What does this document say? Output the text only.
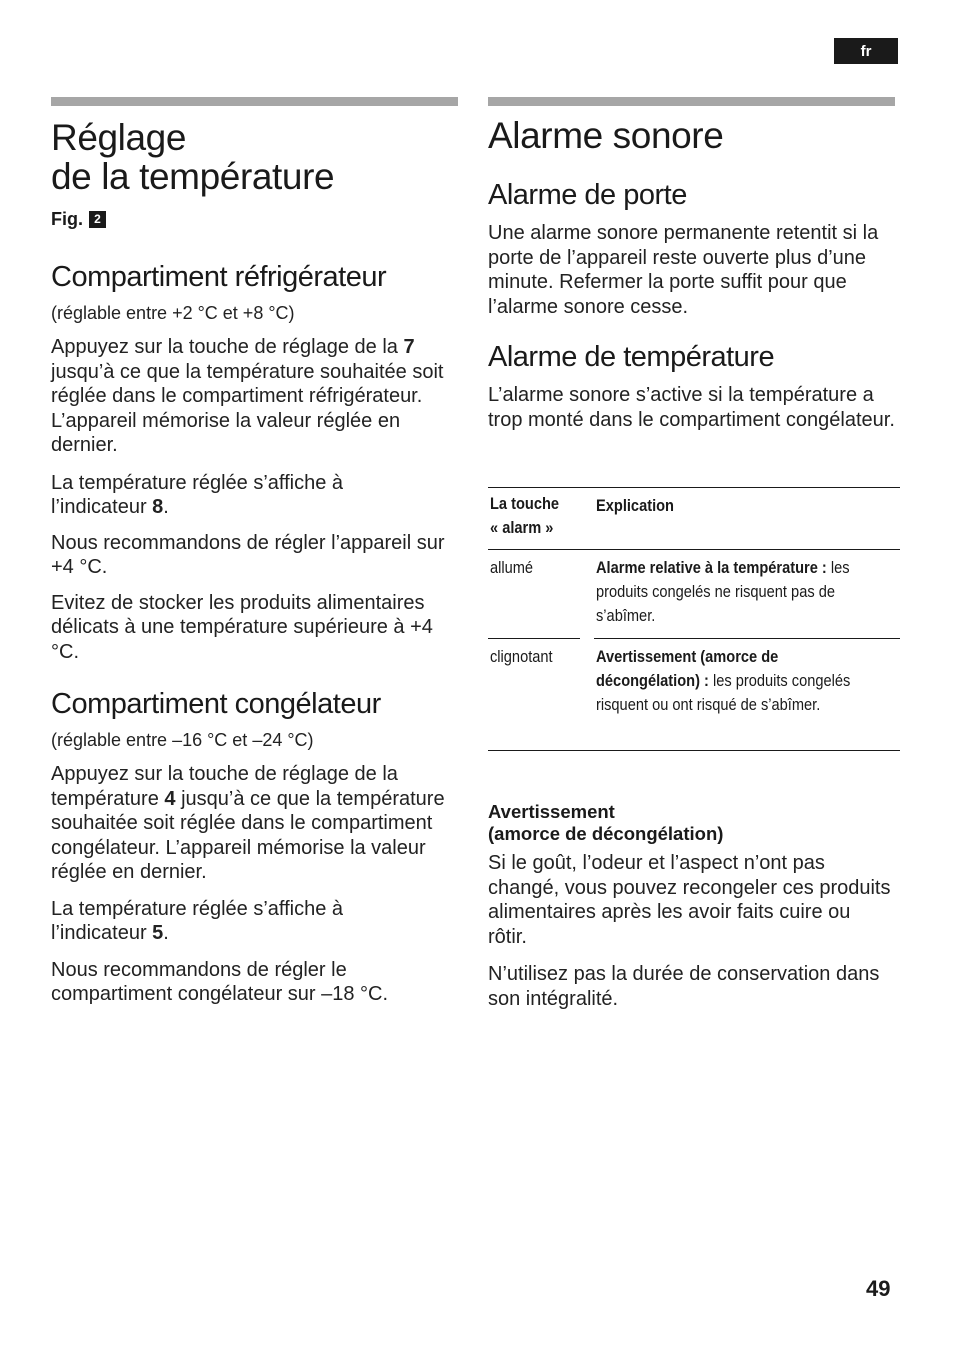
fr
Réglage
de la température
Fig. 2
Compartiment réfrigérateur

(réglable entre +2 °C et +8 °C)

Appuyez sur la touche de réglage de la 7 jusqu’à ce que la température souhaitée soit réglée dans le compartiment réfrigérateur. L’appareil mémorise la valeur réglée en dernier.

La température réglée s’affiche à l’indicateur 8.

Nous recommandons de régler l’appareil sur +4 °C.

Evitez de stocker les produits alimentaires délicats à une température supérieure à +4 °C.

Compartiment congélateur

(réglable entre –16 °C et –24 °C)

Appuyez sur la touche de réglage de la température 4 jusqu’à ce que la température souhaitée soit réglée dans le compartiment congélateur. L’appareil mémorise la valeur réglée en dernier.

La température réglée s’affiche à l’indicateur 5.

Nous recommandons de régler le compartiment congélateur sur –18 °C.

Alarme sonore
Alarme de porte

Une alarme sonore permanente retentit si la porte de l’appareil reste ouverte plus d’une minute. Refermer la porte suffit pour que l’alarme sonore cesse.

Alarme de température

L’alarme sonore s’active si la température a trop monté dans le compartiment congélateur.

La touche
« alarm »
Explication
allumé	Alarme relative à la température : les produits congelés ne risquent pas de s’abîmer.
clignotant	Avertissement (amorce de décongélation) : les produits congelés risquent ou ont risqué de s’abîmer.
Avertissement
(amorce de décongélation)

Si le goût, l’odeur et l’aspect n’ont pas changé, vous pouvez recongeler ces produits alimentaires après les avoir faits cuire ou rôtir.

N’utilisez pas la durée de conservation dans son intégralité.

49
